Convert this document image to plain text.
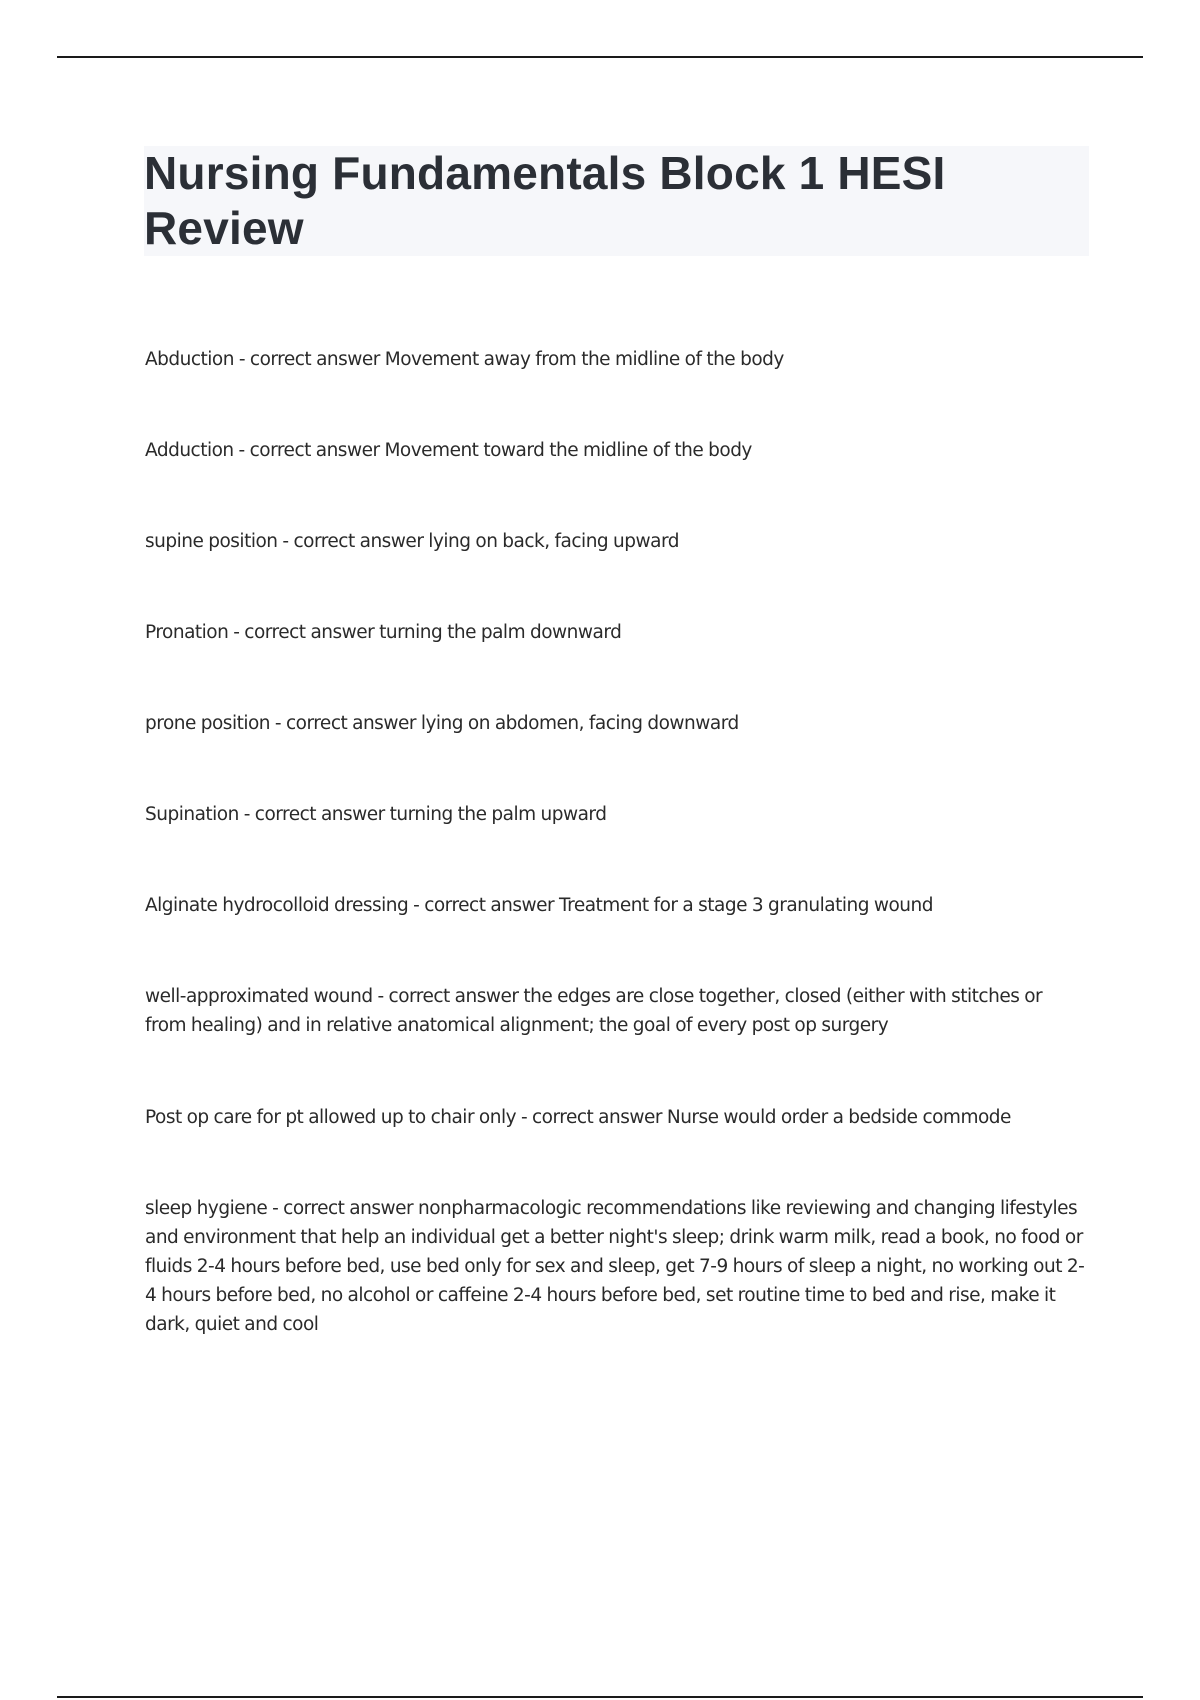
Nursing Fundamentals Block 1 HESI Review

Abduction - correct answer Movement away from the midline of the body

Adduction - correct answer Movement toward the midline of the body

supine position - correct answer lying on back, facing upward

Pronation - correct answer turning the palm downward

prone position - correct answer lying on abdomen, facing downward

Supination - correct answer turning the palm upward

Alginate hydrocolloid dressing - correct answer Treatment for a stage 3 granulating wound

well-approximated wound - correct answer the edges are close together, closed (either with stitches or from healing) and in relative anatomical alignment; the goal of every post op surgery

Post op care for pt allowed up to chair only - correct answer Nurse would order a bedside commode

sleep hygiene - correct answer nonpharmacologic recommendations like reviewing and changing lifestyles and environment that help an individual get a better night's sleep; drink warm milk, read a book, no food or fluids 2-4 hours before bed, use bed only for sex and sleep, get 7-9 hours of sleep a night, no working out 2-4 hours before bed, no alcohol or caffeine 2-4 hours before bed, set routine time to bed and rise, make it dark, quiet and cool
